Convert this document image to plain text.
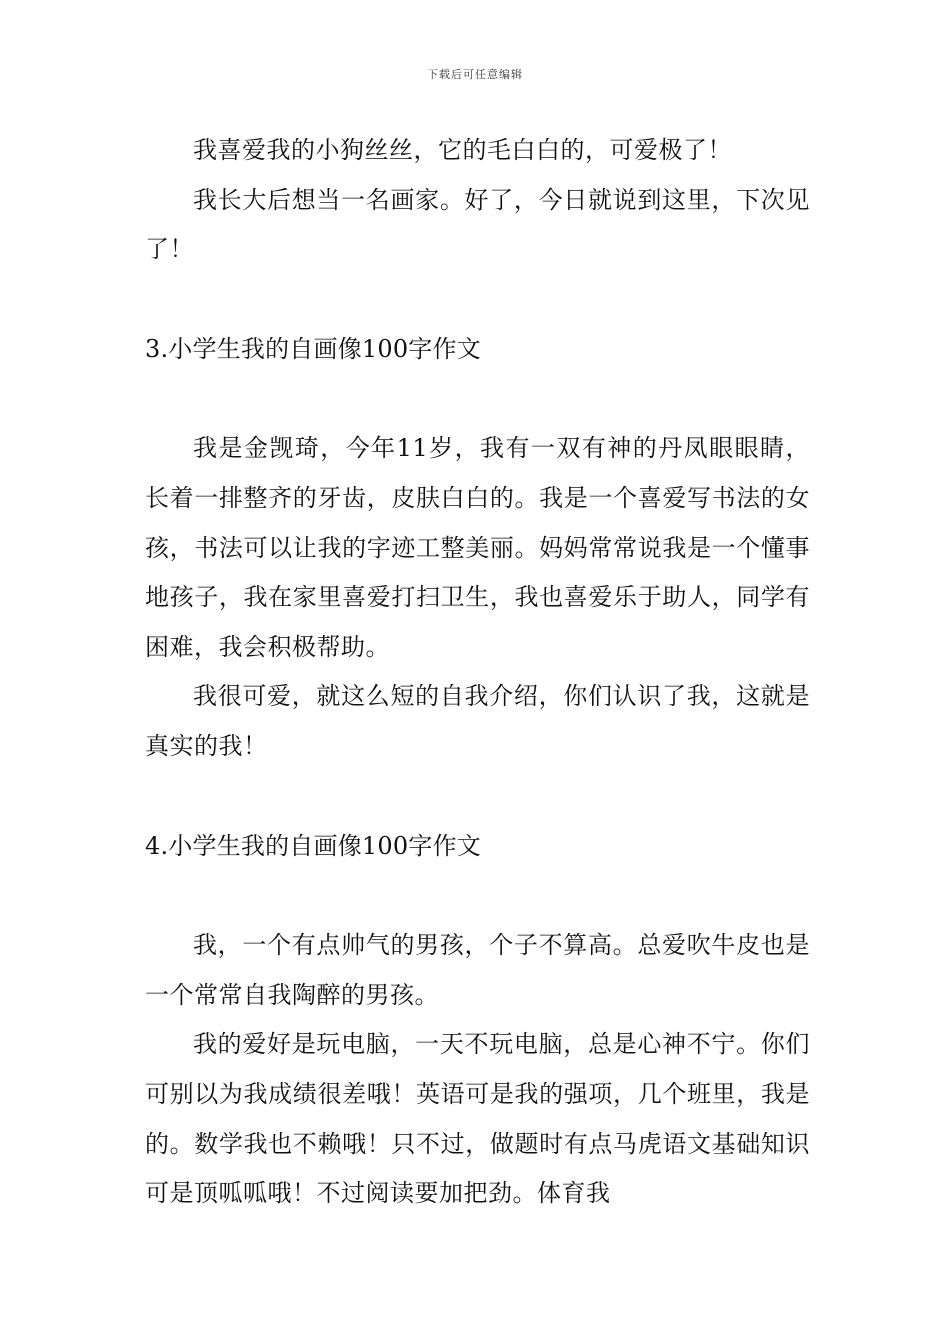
下载后可任意编辑

我喜爱我的小狗丝丝，它的毛白白的，可爱极了！

我长大后想当一名画家。好了，今日就说到这里，下次见了！

3.小学生我的自画像100字作文

我是金觊琦，今年11岁，我有一双有神的丹凤眼眼睛，长着一排整齐的牙齿，皮肤白白的。我是一个喜爱写书法的女孩，书法可以让我的字迹工整美丽。妈妈常常说我是一个懂事地孩子，我在家里喜爱打扫卫生，我也喜爱乐于助人，同学有困难，我会积极帮助。

我很可爱，就这么短的自我介绍，你们认识了我，这就是真实的我！

4.小学生我的自画像100字作文

我，一个有点帅气的男孩，个子不算高。总爱吹牛皮也是一个常常自我陶醉的男孩。

我的爱好是玩电脑，一天不玩电脑，总是心神不宁。你们可别以为我成绩很差哦！英语可是我的强项，几个班里，我是的。数学我也不赖哦！只不过，做题时有点马虎语文基础知识可是顶呱呱哦！不过阅读要加把劲。体育我
